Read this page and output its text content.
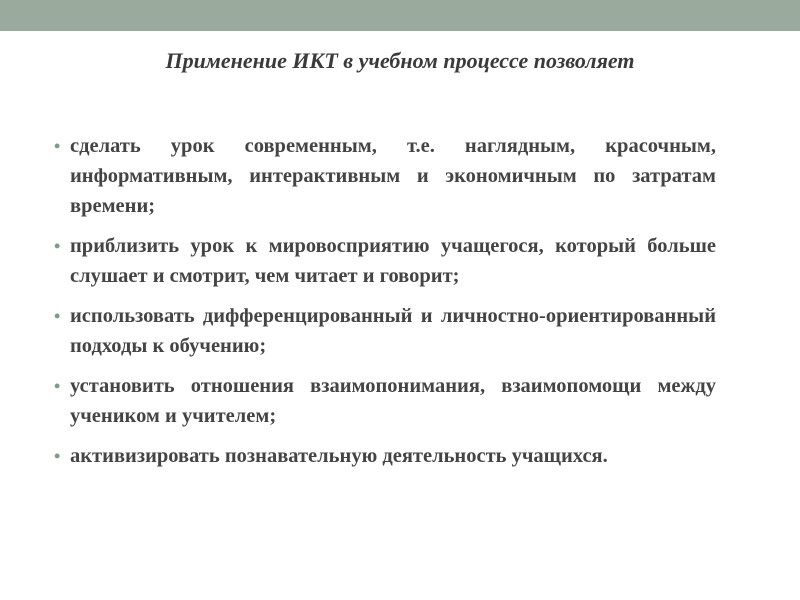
Применение ИКТ в учебном процессе позволяет
• сделать урок современным, т.е. наглядным, красочным, информативным, интерактивным и экономичным по затратам времени;
• приблизить урок к мировосприятию учащегося, который больше слушает и смотрит, чем читает и говорит;
• использовать дифференцированный и личностно-ориентированный подходы к обучению;
• установить отношения взаимопонимания, взаимопомощи между учеником и учителем;
• активизировать познавательную деятельность учащихся.
